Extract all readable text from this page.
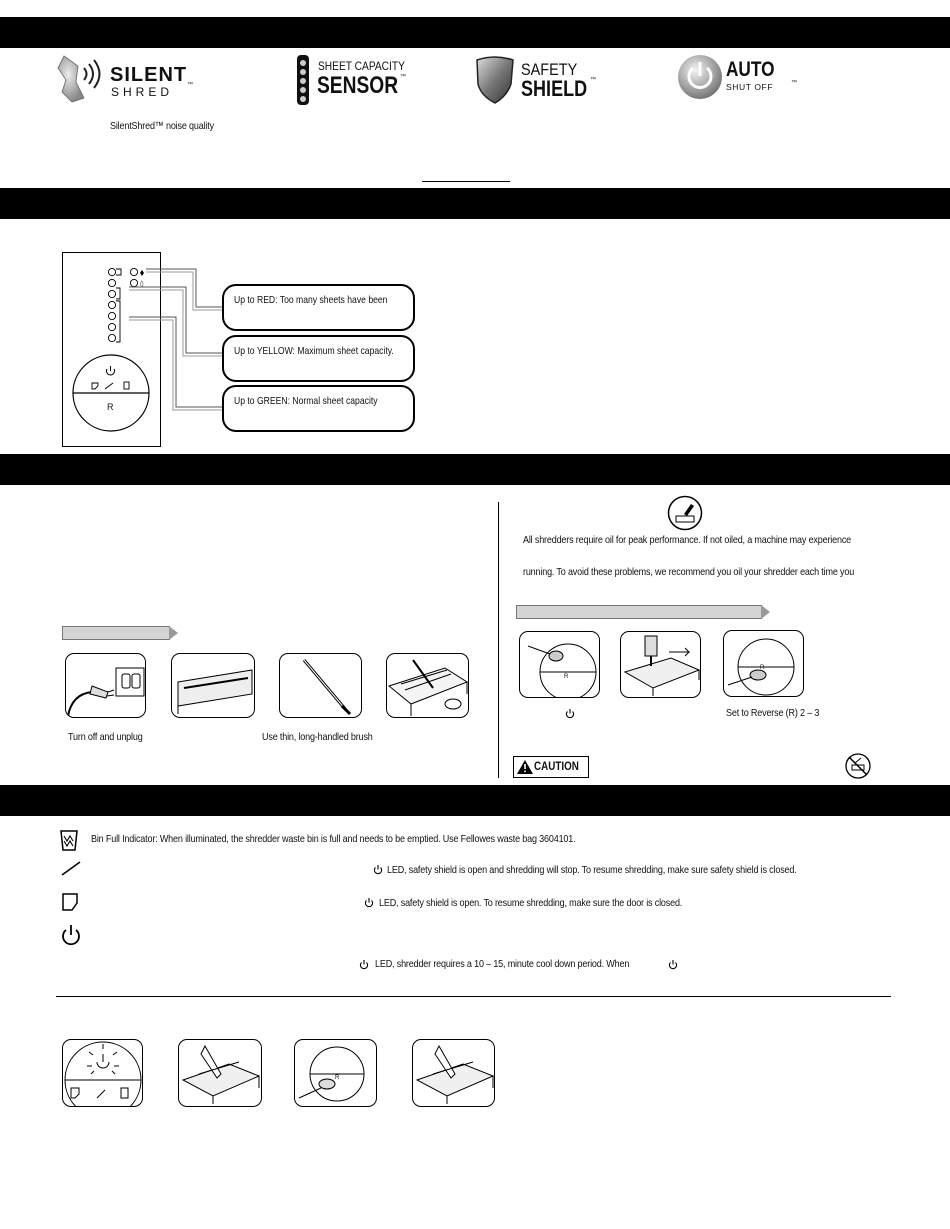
SILENT
SHRED ™
SHEET CAPACITY
SENSOR ™	SAFETY
SHIELD ™	AUTO
SHUT OFF	™
SilentShred™ noise quality
◊
R
Up to RED: Too many sheets have been
Up to YELLOW: Maximum sheet capacity.
Up to GREEN: Normal sheet capacity
Turn off and unplug	Use thin, long-handled brush
All shredders require oil for peak performance. If not oiled, a machine may experience
running. To avoid these problems, we recommend you oil your shredder each time you
R
R
Set to Reverse (R) 2 – 3
CAUTION
Bin Full Indicator: When illuminated, the shredder waste bin is full and needs to be emptied. Use Fellowes waste bag 3604101.
LED, safety shield is open and shredding will stop. To resume shredding, make sure safety shield is closed.
LED, safety shield is open. To resume shredding, make sure the door is closed.
LED, shredder requires a 10 – 15, minute cool down period. When
R
